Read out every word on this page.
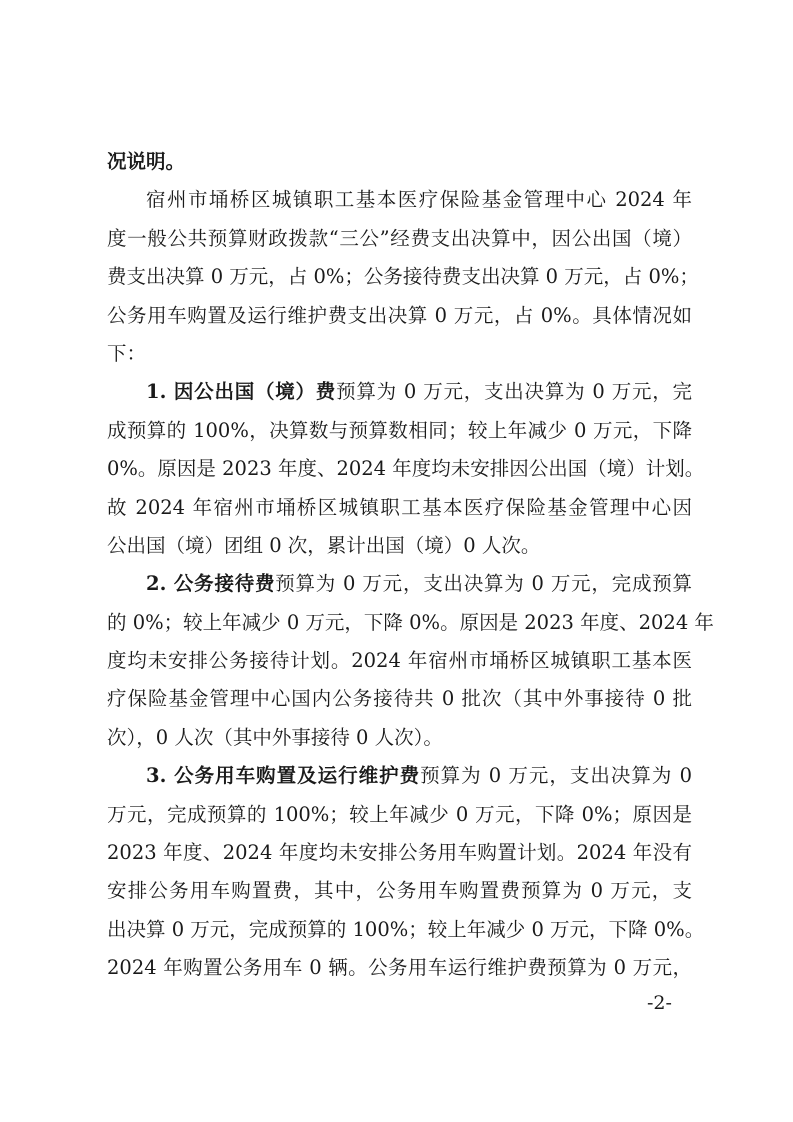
况说明。
宿州市埇桥区城镇职工基本医疗保险基金管理中心 2024 年
度一般公共预算财政拨款“三公”经费支出决算中，因公出国（境）
费支出决算 0 万元，占 0%；公务接待费支出决算 0 万元，占 0%；
公务用车购置及运行维护费支出决算 0 万元，占 0%。具体情况如
下：
1. 因公出国（境）费预算为 0 万元，支出决算为 0 万元，完
成预算的 100%，决算数与预算数相同；较上年减少 0 万元，下降
0%。原因是 2023 年度、2024 年度均未安排因公出国（境）计划。
故 2024 年宿州市埇桥区城镇职工基本医疗保险基金管理中心因
公出国（境）团组 0 次，累计出国（境）0 人次。
2. 公务接待费预算为 0 万元，支出决算为 0 万元，完成预算
的 0%；较上年减少 0 万元，下降 0%。原因是 2023 年度、2024 年
度均未安排公务接待计划。2024 年宿州市埇桥区城镇职工基本医
疗保险基金管理中心国内公务接待共 0 批次（其中外事接待 0 批
次），0 人次（其中外事接待 0 人次）。
3. 公务用车购置及运行维护费预算为 0 万元，支出决算为 0
万元，完成预算的 100%；较上年减少 0 万元，下降 0%；原因是
2023 年度、2024 年度均未安排公务用车购置计划。2024 年没有
安排公务用车购置费，其中，公务用车购置费预算为 0 万元，支
出决算 0 万元，完成预算的 100%；较上年减少 0 万元，下降 0%。
2024 年购置公务用车 0 辆。公务用车运行维护费预算为 0 万元，
-2-
